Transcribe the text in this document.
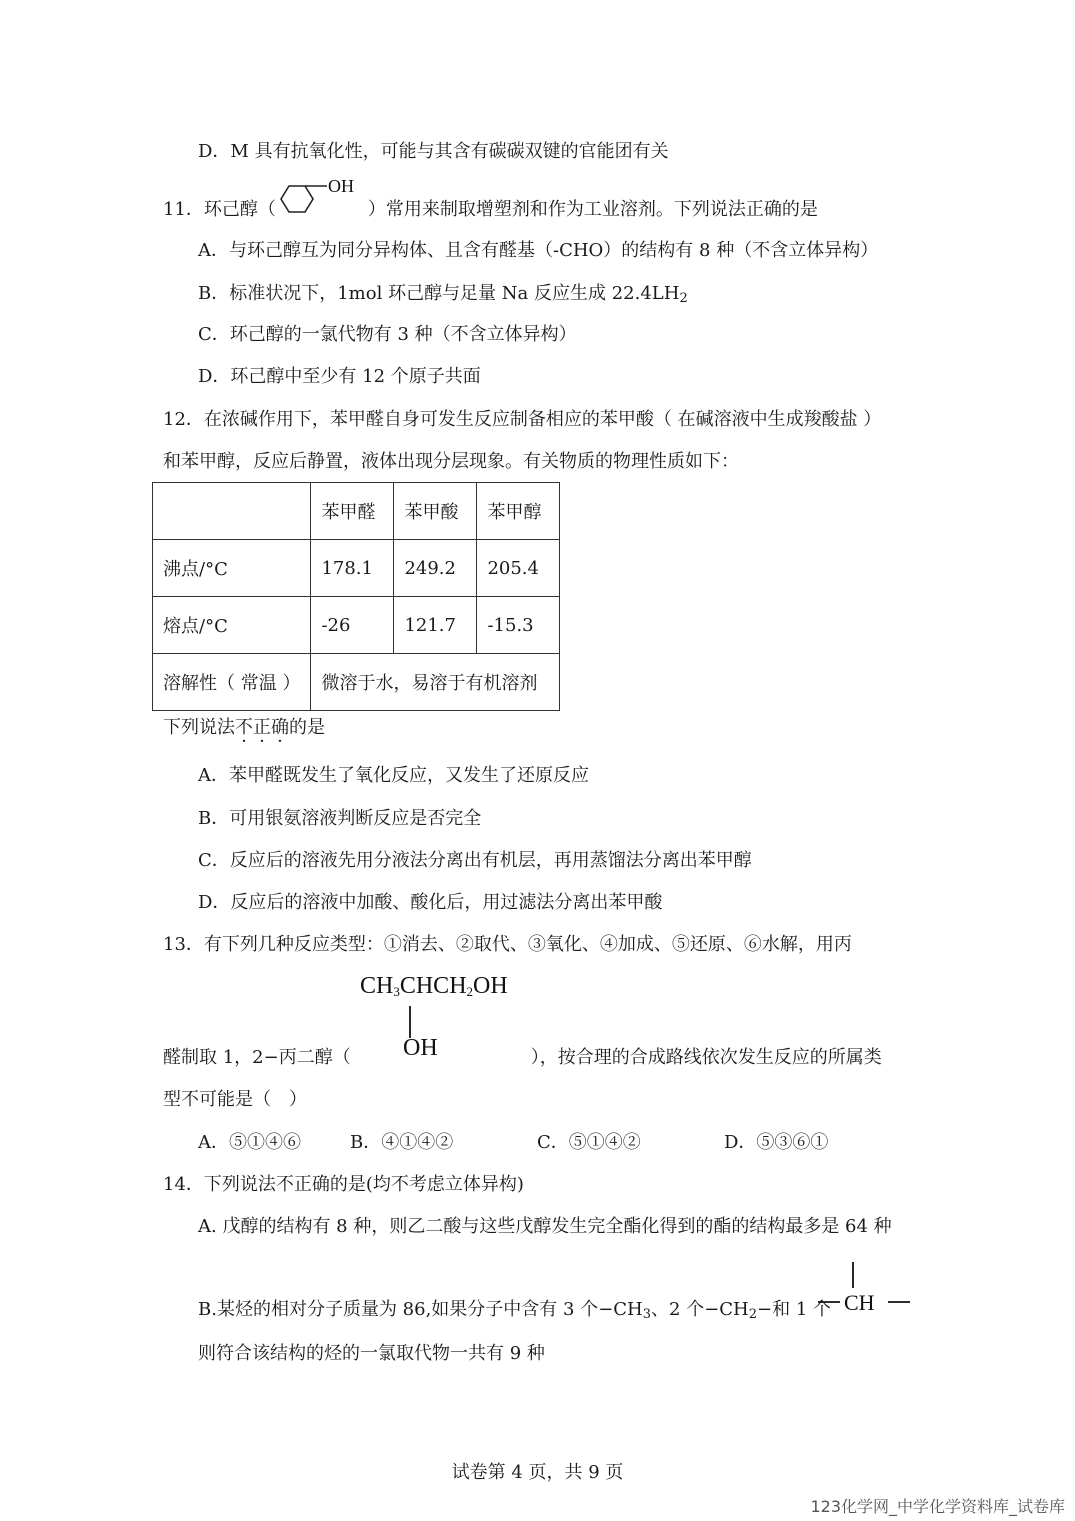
D．M 具有抗氧化性，可能与其含有碳碳双键的官能团有关
11．环己醇（	）常用来制取增塑剂和作为工业溶剂。下列说法正确的是
OH
A．与环己醇互为同分异构体、且含有醛基（-CHO）的结构有 8 种（不含立体异构）
B．标准状况下，1mol 环己醇与足量 Na 反应生成 $22.4LH_2$
C．环己醇的一氯代物有 3 种（不含立体异构）
D．环己醇中至少有 12 个原子共面
12．在浓碱作用下，苯甲醛自身可发生反应制备相应的苯甲酸（ 在碱溶液中生成羧酸盐 ）
和苯甲醇，反应后静置，液体出现分层现象。有关物质的物理性质如下：
	苯甲醛	苯甲酸	苯甲醇
沸点/°C	178.1	249.2	205.4
熔点/°C	-26	121.7	-15.3
溶解性（ 常温 ）	微溶于水，易溶于有机溶剂		
下列说法不正确的是
A．苯甲醛既发生了氧化反应，又发生了还原反应
B．可用银氨溶液判断反应是否完全
C．反应后的溶液先用分液法分离出有机层，再用蒸馏法分离出苯甲醇
D．反应后的溶液中加酸、酸化后，用过滤法分离出苯甲酸
13．有下列几种反应类型：①消去、②取代、③氧化、④加成、⑤还原、⑥水解，用丙
$CH_3CHCH_2OH$
OH
醛制取 1，2−丙二醇（	），按合理的合成路线依次发生反应的所属类
型不可能是（　）
A．⑤①④⑥	B．④①④②	C．⑤①④②	D．⑤③⑥①
14．下列说法不正确的是(均不考虑立体异构)
A. 戊醇的结构有 8 种，则乙二酸与这些戊醇发生完全酯化得到的酯的结构最多是 64 种
B.某烃的相对分子质量为 86,如果分子中含有 3 个$-CH_3$、2 个$-CH_2-$和 1 个 CH
则符合该结构的烃的一氯取代物一共有 9 种
试卷第 4 页，共 9 页
123化学网_中学化学资料库_试卷库
